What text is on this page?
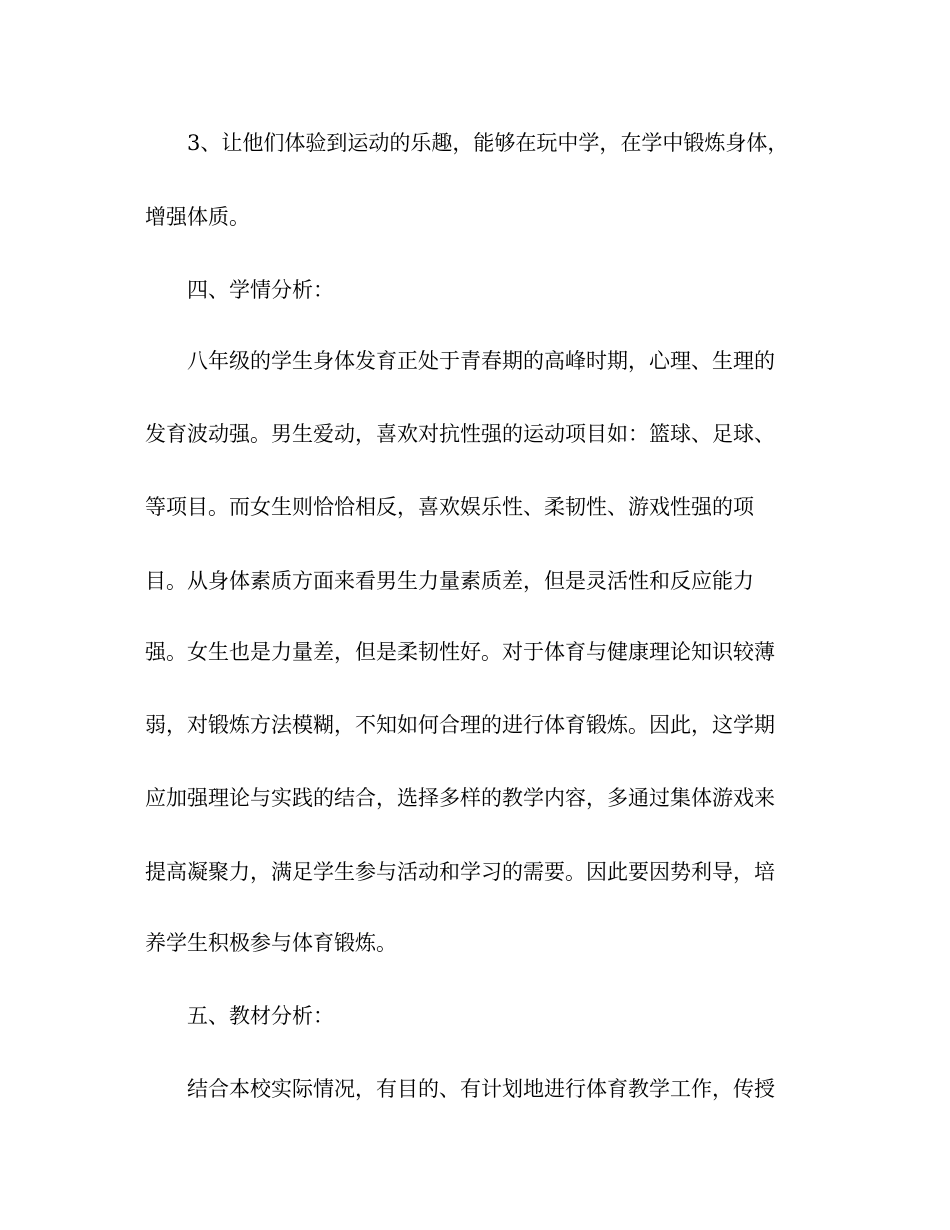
3、让他们体验到运动的乐趣，能够在玩中学，在学中锻炼身体，
增强体质。
四、学情分析：
八年级的学生身体发育正处于青春期的高峰时期，心理、生理的
发育波动强。男生爱动，喜欢对抗性强的运动项目如：篮球、足球、
等项目。而女生则恰恰相反，喜欢娱乐性、柔韧性、游戏性强的项
目。从身体素质方面来看男生力量素质差，但是灵活性和反应能力
强。女生也是力量差，但是柔韧性好。对于体育与健康理论知识较薄
弱，对锻炼方法模糊，不知如何合理的进行体育锻炼。因此，这学期
应加强理论与实践的结合，选择多样的教学内容，多通过集体游戏来
提高凝聚力，满足学生参与活动和学习的需要。因此要因势利导，培
养学生积极参与体育锻炼。
五、教材分析：
结合本校实际情况，有目的、有计划地进行体育教学工作，传授
